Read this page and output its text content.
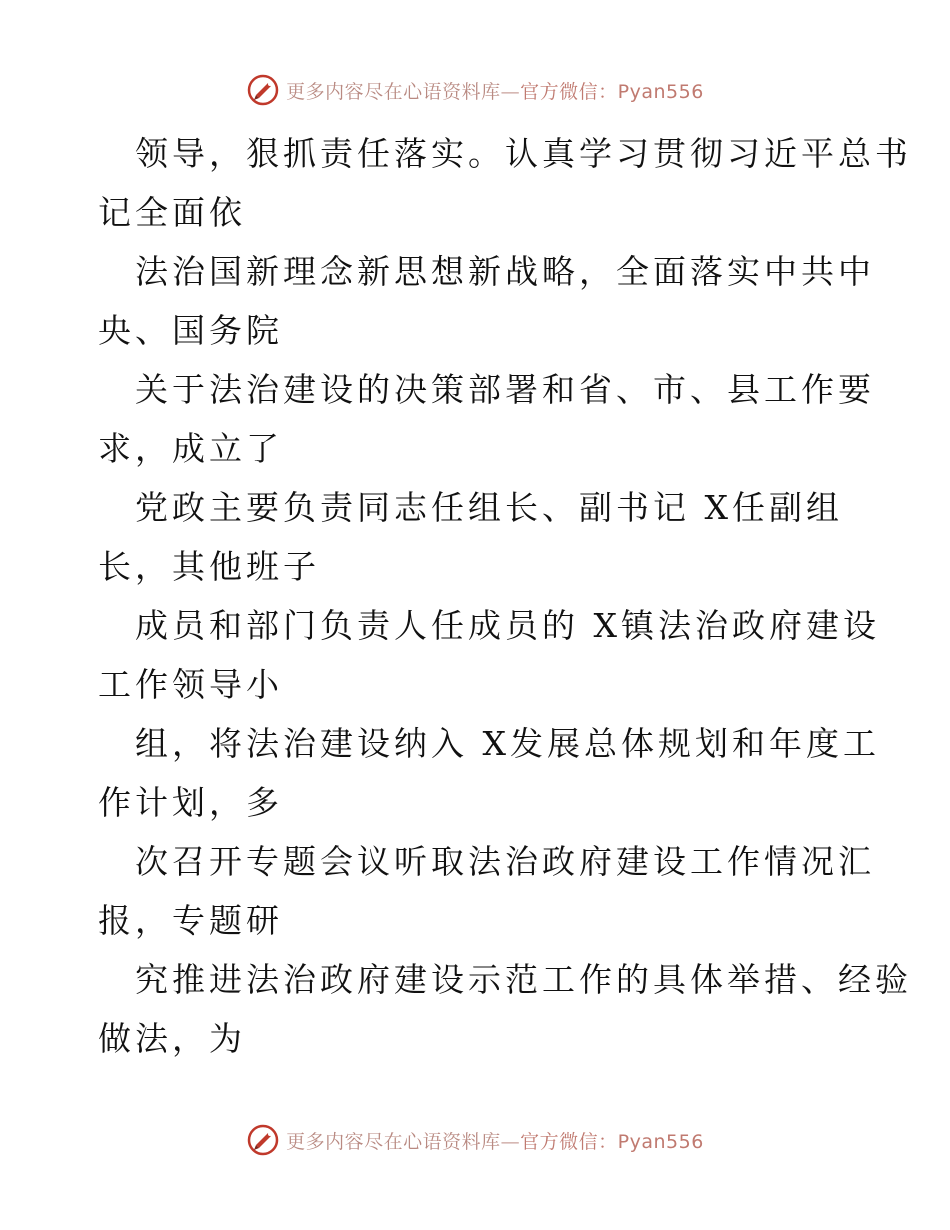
更多内容尽在心语资料库—官方微信：Pyan556

领导，狠抓责任落实。认真学习贯彻习近平总书
记全面依

法治国新理念新思想新战略，全面落实中共中
央、国务院

关于法治建设的决策部署和省、市、县工作要
求，成立了

党政主要负责同志任组长、副书记 X任副组
长，其他班子

成员和部门负责人任成员的 X镇法治政府建设
工作领导小

组，将法治建设纳入 X发展总体规划和年度工
作计划，多

次召开专题会议听取法治政府建设工作情况汇
报，专题研

究推进法治政府建设示范工作的具体举措、经验
做法，为

更多内容尽在心语资料库—官方微信：Pyan556
